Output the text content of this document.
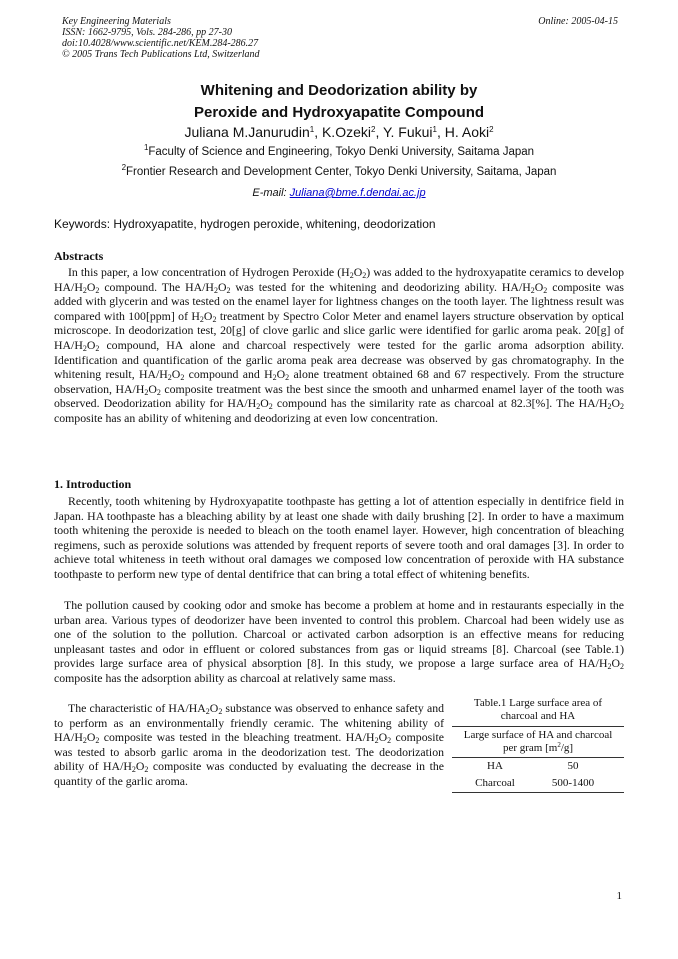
Key Engineering Materials
ISSN: 1662-9795, Vols. 284-286, pp 27-30
doi:10.4028/www.scientific.net/KEM.284-286.27
© 2005 Trans Tech Publications Ltd, Switzerland
Online: 2005-04-15
Whitening and Deodorization ability by
Peroxide and Hydroxyapatite Compound
Juliana M.Janurudin$^1$, K.Ozeki$^2$, Y. Fukui$^1$, H. Aoki$^2$
$^1$Faculty of Science and Engineering, Tokyo Denki University, Saitama Japan
$^2$Frontier Research and Development Center, Tokyo Denki University, Saitama, Japan
E-mail: Juliana@bme.f.dendai.ac.jp
Keywords: Hydroxyapatite, hydrogen peroxide, whitening, deodorization
Abstracts
In this paper, a low concentration of Hydrogen Peroxide $(H_2O_2)$ was added to the hydroxyapatite ceramics to develop $HA/H_2O_2$ compound. The $HA/H_2O_2$ was tested for the whitening and deodorizing ability. $HA/H_2O_2$ composite was added with glycerin and was tested on the enamel layer for lightness changes on the tooth layer. The lightness result was compared with 100[ppm] of $H_2O_2$ treatment by Spectro Color Meter and enamel layers structure observation by optical microscope. In deodorization test, 20[g] of clove garlic and slice garlic were identified for garlic aroma peak. 20[g] of $HA/H_2O_2$ compound, HA alone and charcoal respectively were tested for the garlic aroma adsorption ability. Identification and quantification of the garlic aroma peak area decrease was observed by gas chromatography. In the whitening result, $HA/H_2O_2$ compound and $H_2O_2$ alone treatment obtained 68 and 67 respectively. From the structure observation, $HA/H_2O_2$ composite treatment was the best since the smooth and unharmed enamel layer of the tooth was observed. Deodorization ability for $HA/H_2O_2$ compound has the similarity rate as charcoal at 82.3[%]. The $HA/H_2O_2$ composite has an ability of whitening and deodorizing at even low concentration.
1. Introduction
Recently, tooth whitening by Hydroxyapatite toothpaste has getting a lot of attention especially in dentifrice field in Japan. HA toothpaste has a bleaching ability by at least one shade with daily brushing [2]. In order to have a maximum tooth whitening the peroxide is needed to bleach on the tooth enamel layer. However, high concentration of bleaching regimens, such as peroxide solutions was attended by frequent reports of severe tooth and oral damages [3]. In order to achieve total whiteness in teeth without oral damages we composed low concentration of peroxide with HA substance toothpaste to perform new type of dental dentifrice that can bring a total effect of whitening benefits.
The pollution caused by cooking odor and smoke has become a problem at home and in restaurants especially in the urban area. Various types of deodorizer have been invented to control this problem. Charcoal had been widely use as one of the solution to the pollution. Charcoal or activated carbon adsorption is an effective means for reducing unpleasant tastes and odor in effluent or colored substances from gas or liquid streams [8]. Charcoal (see Table.1) provides large surface area of physical absorption [8]. In this study, we propose a large surface area of $HA/H_2O_2$ composite has the adsorption ability as charcoal at relatively same mass.
The characteristic of $HA/HA_2O_2$ substance was observed to enhance safety and to perform as an environmentally friendly ceramic. The whitening ability of $HA/H_2O_2$ composite was tested in the bleaching treatment. $HA/H_2O_2$ composite was tested to absorb garlic aroma in the deodorization test. The deodorization ability of $HA/H_2O_2$ composite was conducted by evaluating the decrease in the quantity of the garlic aroma.
Table.1 Large surface area of
charcoal and HA
Large surface of HA and charcoal
per gram $[m^2/g]$
HA	50
Charcoal	500-1400
1
